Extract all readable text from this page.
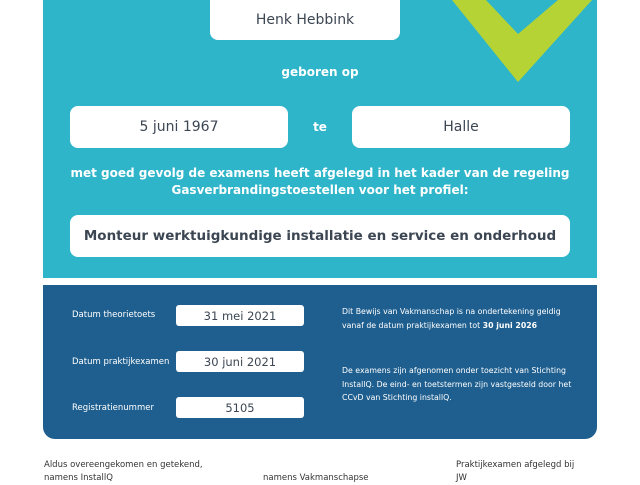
Henk Hebbink
geboren op
5 juni 1967	te	Halle
met goed gevolg de examens heeft afgelegd in het kader van de regeling
Gasverbrandingstoestellen voor het profiel:
Monteur werktuigkundige installatie en service en onderhoud
Datum theorietoets	31 mei 2021
Datum praktijkexamen	30 juni 2021
Registratienummer	5105
Dit Bewijs van Vakmanschap is na ondertekening geldig vanaf de datum praktijkexamen tot 30 juni 2026
De examens zijn afgenomen onder toezicht van Stichting InstallQ. De eind- en toetstermen zijn vastgesteld door het CCvD van Stichting installQ.
Aldus overeengekomen en getekend,
namens InstallQ	namens Vakmanschapse
Praktijkexamen afgelegd bij
JW
